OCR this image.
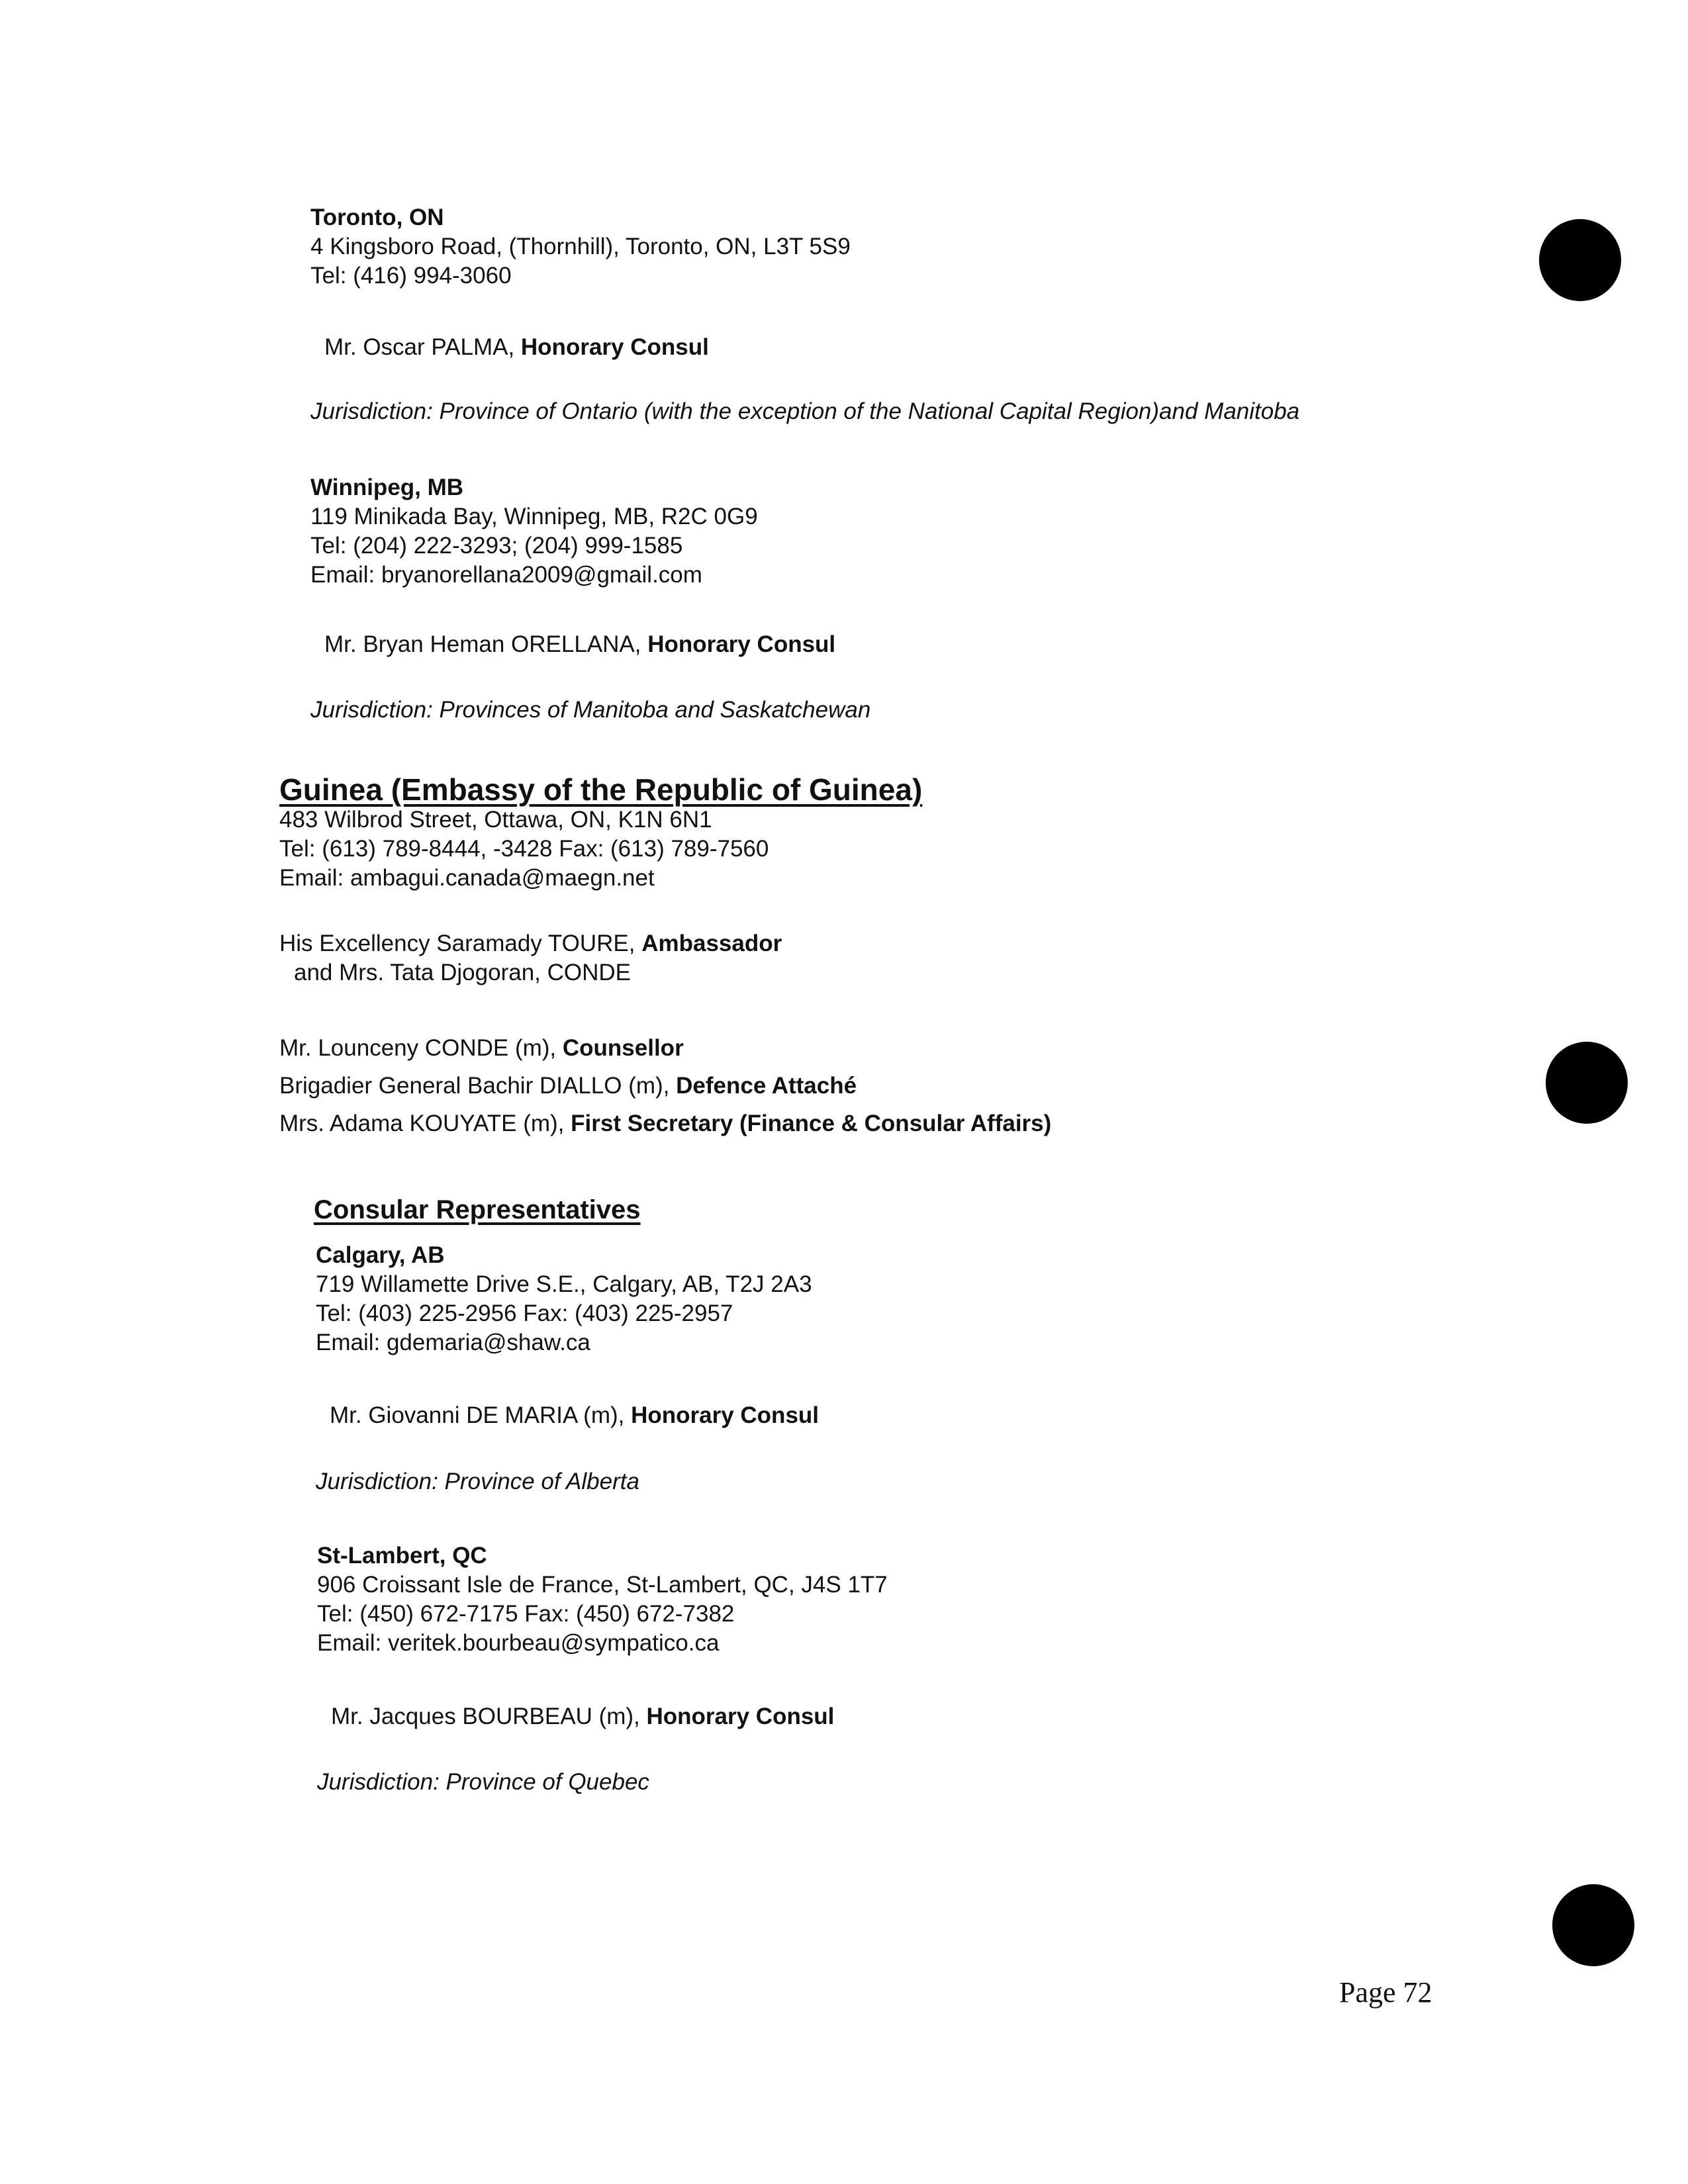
Toronto, ON
4 Kingsboro Road, (Thornhill), Toronto, ON, L3T 5S9
Tel: (416) 994-3060
Mr. Oscar PALMA, Honorary Consul
Jurisdiction: Province of Ontario (with the exception of the National Capital Region)and Manitoba
Winnipeg, MB
119 Minikada Bay, Winnipeg, MB, R2C 0G9
Tel: (204) 222-3293; (204) 999-1585
Email: bryanorellana2009@gmail.com
Mr. Bryan Heman ORELLANA, Honorary Consul
Jurisdiction: Provinces of Manitoba and Saskatchewan
Guinea (Embassy of the Republic of Guinea)
483 Wilbrod Street, Ottawa, ON, K1N 6N1
Tel: (613) 789-8444, -3428 Fax: (613) 789-7560
Email: ambagui.canada@maegn.net
His Excellency Saramady TOURE, Ambassador
and Mrs. Tata Djogoran, CONDE
Mr. Lounceny CONDE (m), Counsellor
Brigadier General Bachir DIALLO (m), Defence Attaché
Mrs. Adama KOUYATE (m), First Secretary (Finance & Consular Affairs)
Consular Representatives
Calgary, AB
719 Willamette Drive S.E., Calgary, AB, T2J 2A3
Tel: (403) 225-2956 Fax: (403) 225-2957
Email: gdemaria@shaw.ca
Mr. Giovanni DE MARIA (m), Honorary Consul
Jurisdiction: Province of Alberta
St-Lambert, QC
906 Croissant Isle de France, St-Lambert, QC, J4S 1T7
Tel: (450) 672-7175 Fax: (450) 672-7382
Email: veritek.bourbeau@sympatico.ca
Mr. Jacques BOURBEAU (m), Honorary Consul
Jurisdiction: Province of Quebec
Page 72
